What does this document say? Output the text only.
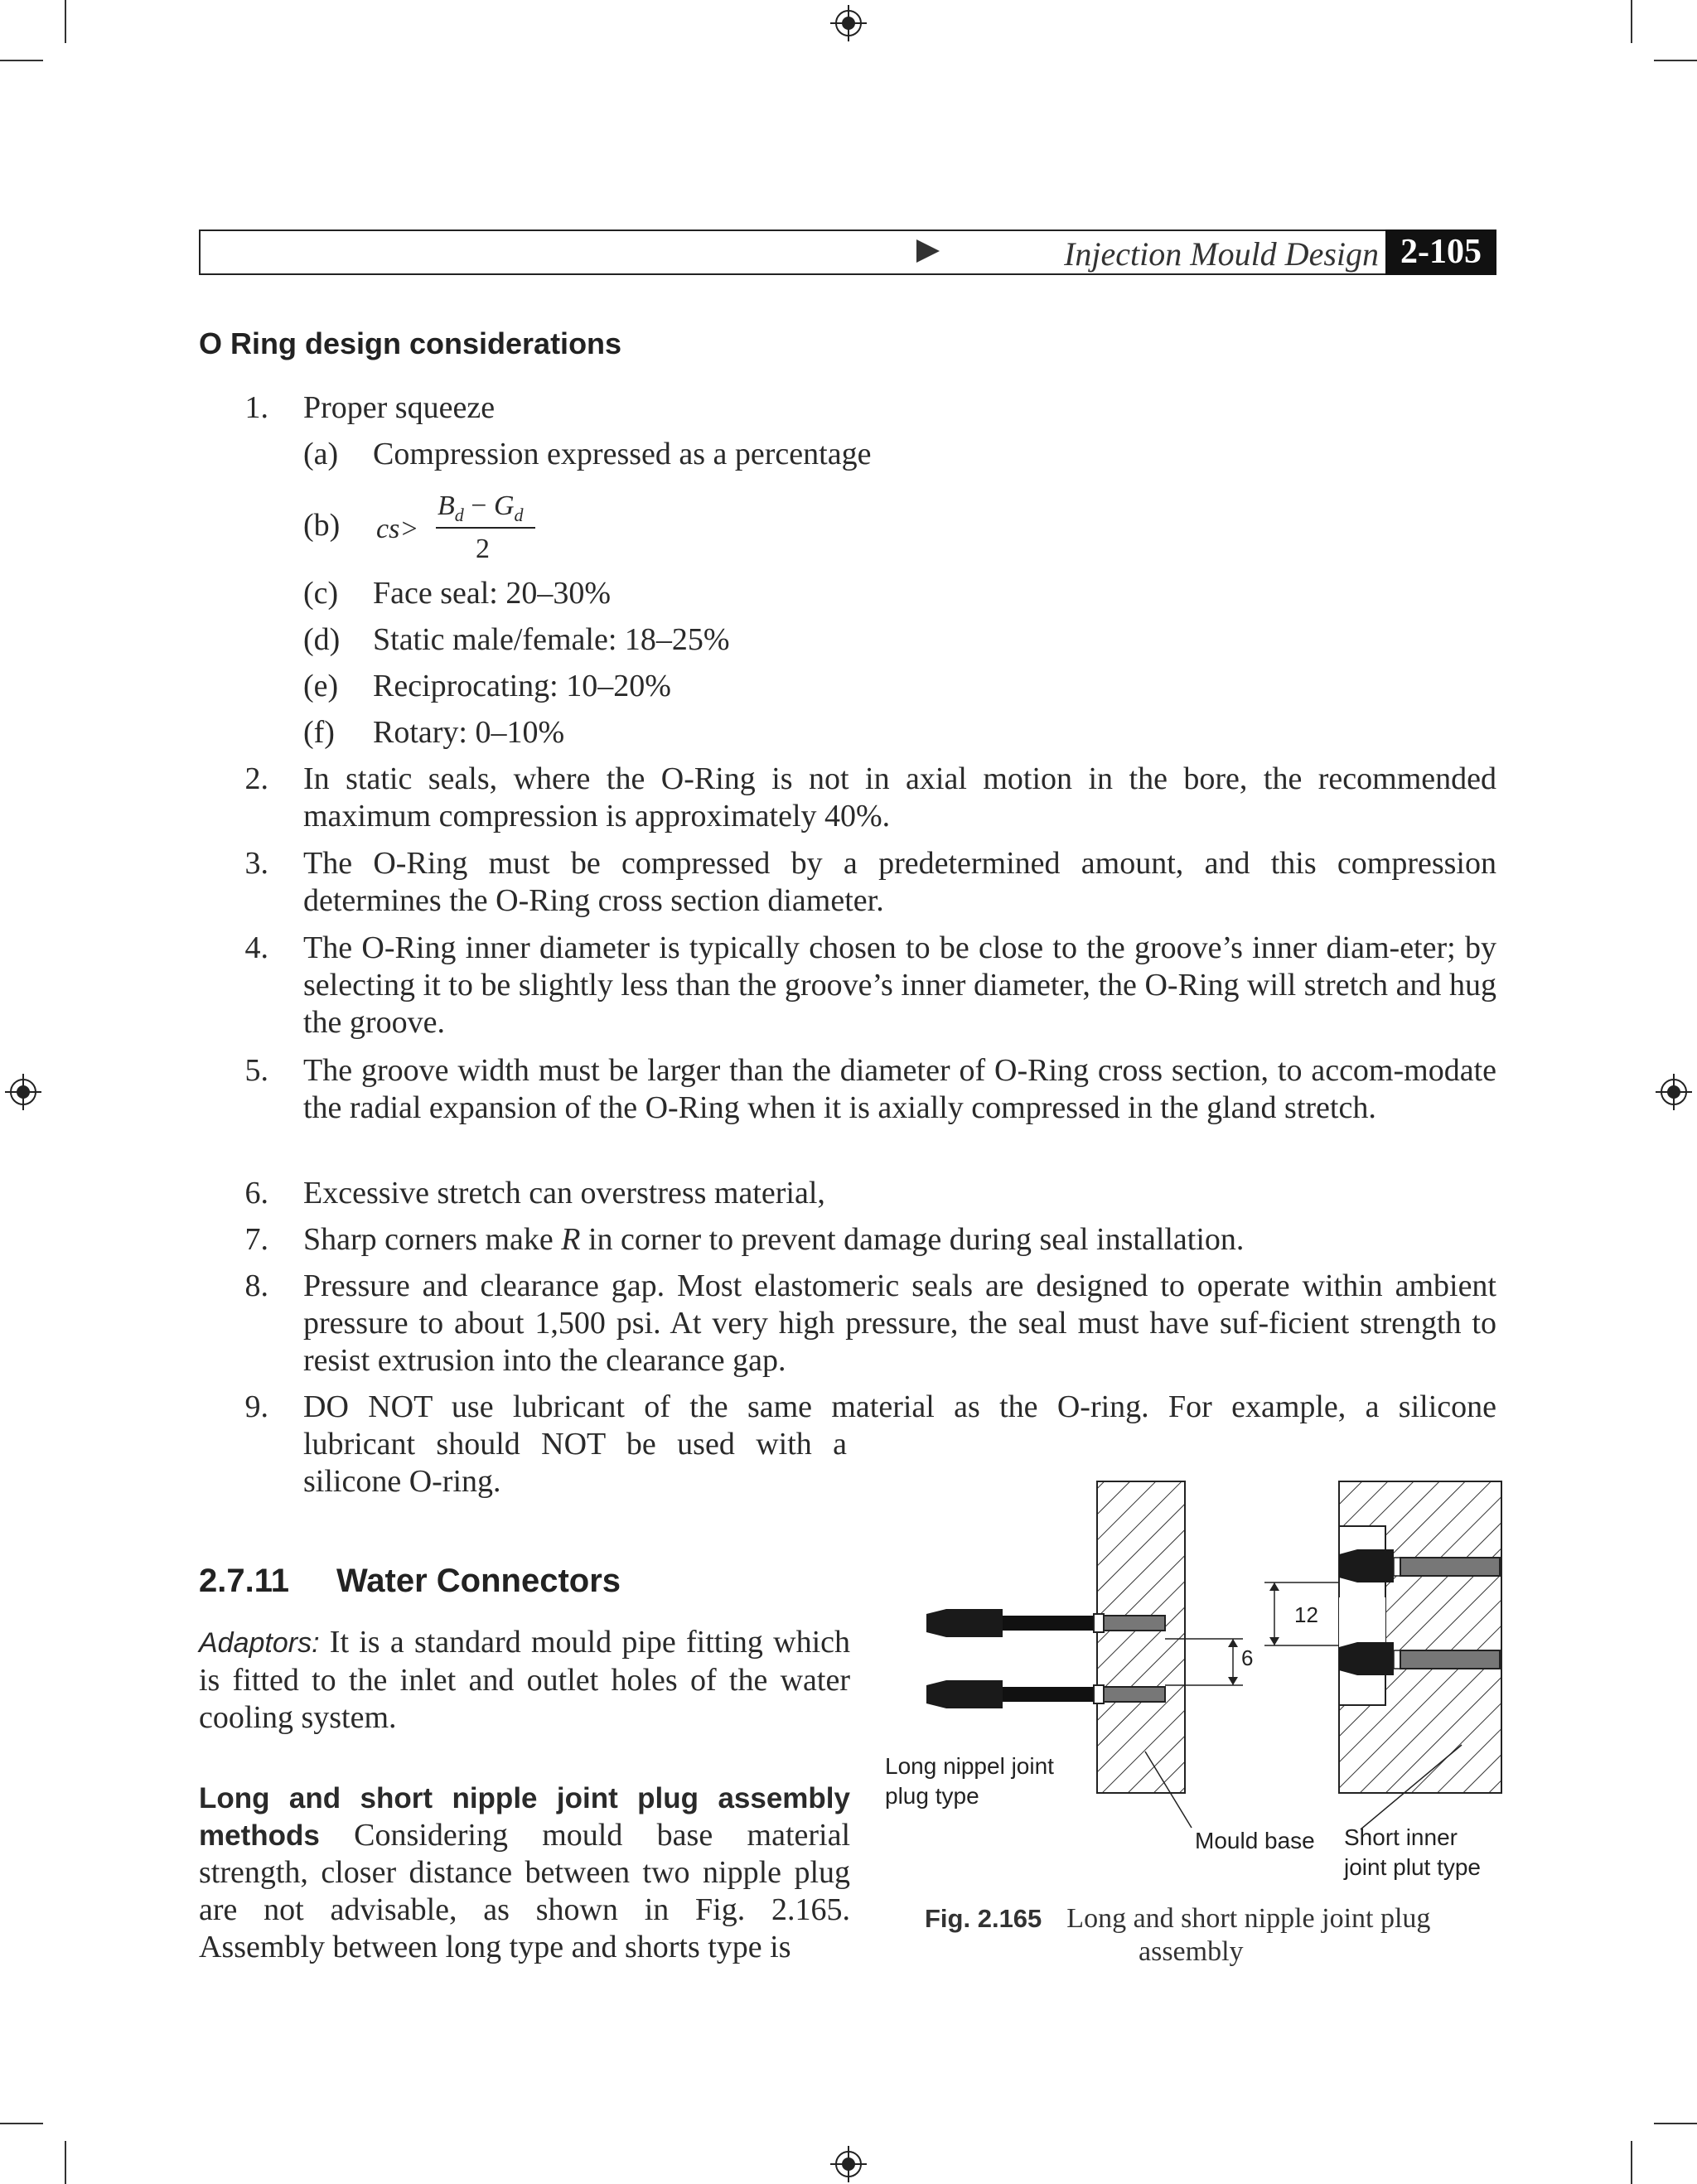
Injection Mould Design 2-105
O Ring design considerations
1. Proper squeeze
(a) Compression expressed as a percentage
(b) cs>
$B_d - G_d$
2
(c) Face seal: 20–30%
(d) Static male/female: 18–25%
(e) Reciprocating: 10–20%
(f) Rotary: 0–10%
2. In static seals, where the O-Ring is not in axial motion in the bore, the recommended maximum compression is approximately 40%.
3. The O-Ring must be compressed by a predetermined amount, and this compression determines the O-Ring cross section diameter.
4. The O-Ring inner diameter is typically chosen to be close to the groove’s inner diam-eter; by selecting it to be slightly less than the groove’s inner diameter, the O-Ring will stretch and hug the groove.
5. The groove width must be larger than the diameter of O-Ring cross section, to accom-modate the radial expansion of the O-Ring when it is axially compressed in the gland stretch.
6. Excessive stretch can overstress material,
7. Sharp corners make R in corner to prevent damage during seal installation.
8. Pressure and clearance gap. Most elastomeric seals are designed to operate within ambient pressure to about 1,500 psi. At very high pressure, the seal must have suf-ficient strength to resist extrusion into the clearance gap.
9. DO NOT use lubricant of the same material as the O-ring. For example, a silicone
lubricant should NOT be used with a
silicone O-ring.
2.7.11 Water Connectors
Adaptors: It is a standard mould pipe fitting which is fitted to the inlet and outlet holes of the water cooling system.
Long and short nipple joint plug assembly methods Considering mould base material strength, closer distance between two nipple plug are not advisable, as shown in Fig. 2.165. Assembly between long type and shorts type is
6
12
Long nippel joint
plug type
Mould base Short inner
joint plut type
Fig. 2.165 Long and short nipple joint plug
assembly
